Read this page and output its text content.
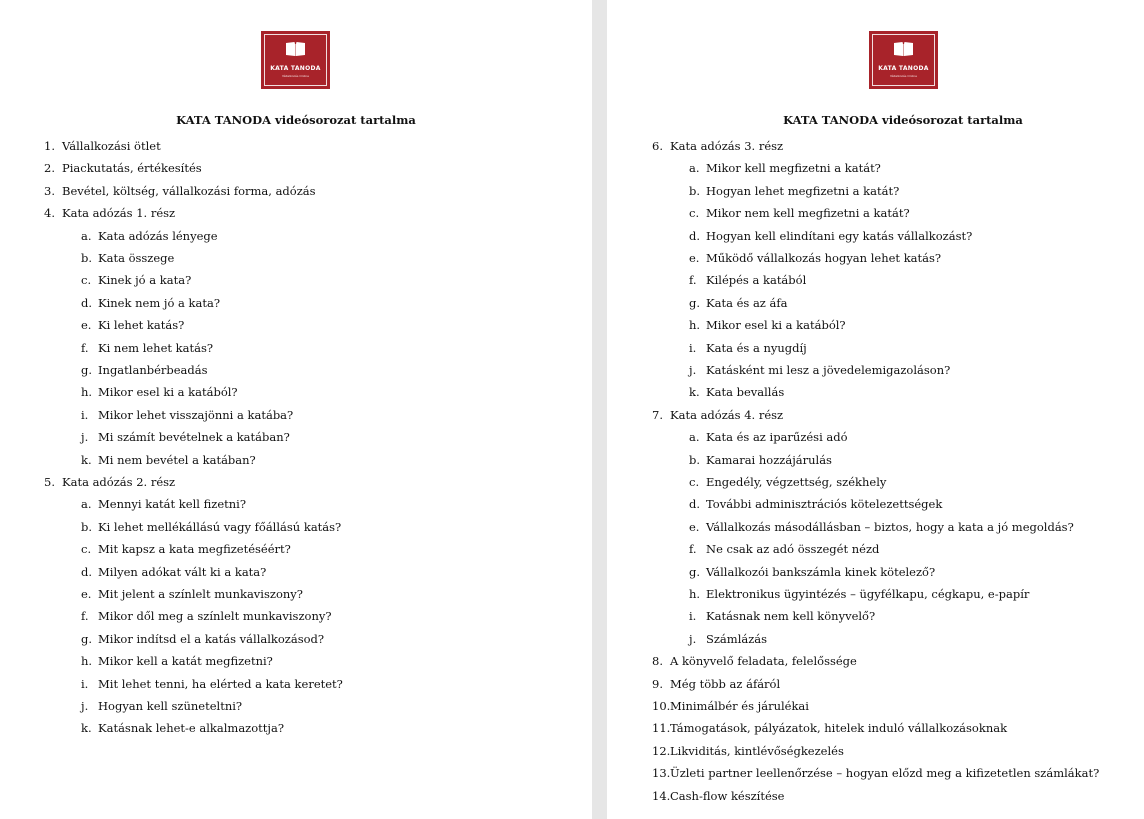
KATA TANODA
Vállalkozás Online
KATA TANODA videósorozat tartalma
1. Vállalkozási ötlet
2. Piackutatás, értékesítés
3. Bevétel, költség, vállalkozási forma, adózás
4. Kata adózás 1. rész
a. Kata adózás lényege
b. Kata összege
c. Kinek jó a kata?
d. Kinek nem jó a kata?
e. Ki lehet katás?
f. Ki nem lehet katás?
g. Ingatlanbérbeadás
h. Mikor esel ki a katából?
i. Mikor lehet visszajönni a katába?
j. Mi számít bevételnek a katában?
k. Mi nem bevétel a katában?
5. Kata adózás 2. rész
a. Mennyi katát kell fizetni?
b. Ki lehet mellékállású vagy főállású katás?
c. Mit kapsz a kata megfizetéséért?
d. Milyen adókat vált ki a kata?
e. Mit jelent a színlelt munkaviszony?
f. Mikor dől meg a színlelt munkaviszony?
g. Mikor indítsd el a katás vállalkozásod?
h. Mikor kell a katát megfizetni?
i. Mit lehet tenni, ha elérted a kata keretet?
j. Hogyan kell szüneteltni?
k. Katásnak lehet-e alkalmazottja?
KATA TANODA
Vállalkozás Online
KATA TANODA videósorozat tartalma
6. Kata adózás 3. rész
a. Mikor kell megfizetni a katát?
b. Hogyan lehet megfizetni a katát?
c. Mikor nem kell megfizetni a katát?
d. Hogyan kell elindítani egy katás vállalkozást?
e. Működő vállalkozás hogyan lehet katás?
f. Kilépés a katából
g. Kata és az áfa
h. Mikor esel ki a katából?
i. Kata és a nyugdíj
j. Katásként mi lesz a jövedelemigazoláson?
k. Kata bevallás
7. Kata adózás 4. rész
a. Kata és az iparűzési adó
b. Kamarai hozzájárulás
c. Engedély, végzettség, székhely
d. További adminisztrációs kötelezettségek
e. Vállalkozás másodállásban – biztos, hogy a kata a jó megoldás?
f. Ne csak az adó összegét nézd
g. Vállalkozói bankszámla kinek kötelező?
h. Elektronikus ügyintézés – ügyfélkapu, cégkapu, e-papír
i. Katásnak nem kell könyvelő?
j. Számlázás
8. A könyvelő feladata, felelőssége
9. Még több az áfáról
10. Minimálbér és járulékai
11. Támogatások, pályázatok, hitelek induló vállalkozásoknak
12. Likviditás, kintlévőségkezelés
13. Üzleti partner leellenőrzése – hogyan előzd meg a kifizetetlen számlákat?
14. Cash-flow készítése
